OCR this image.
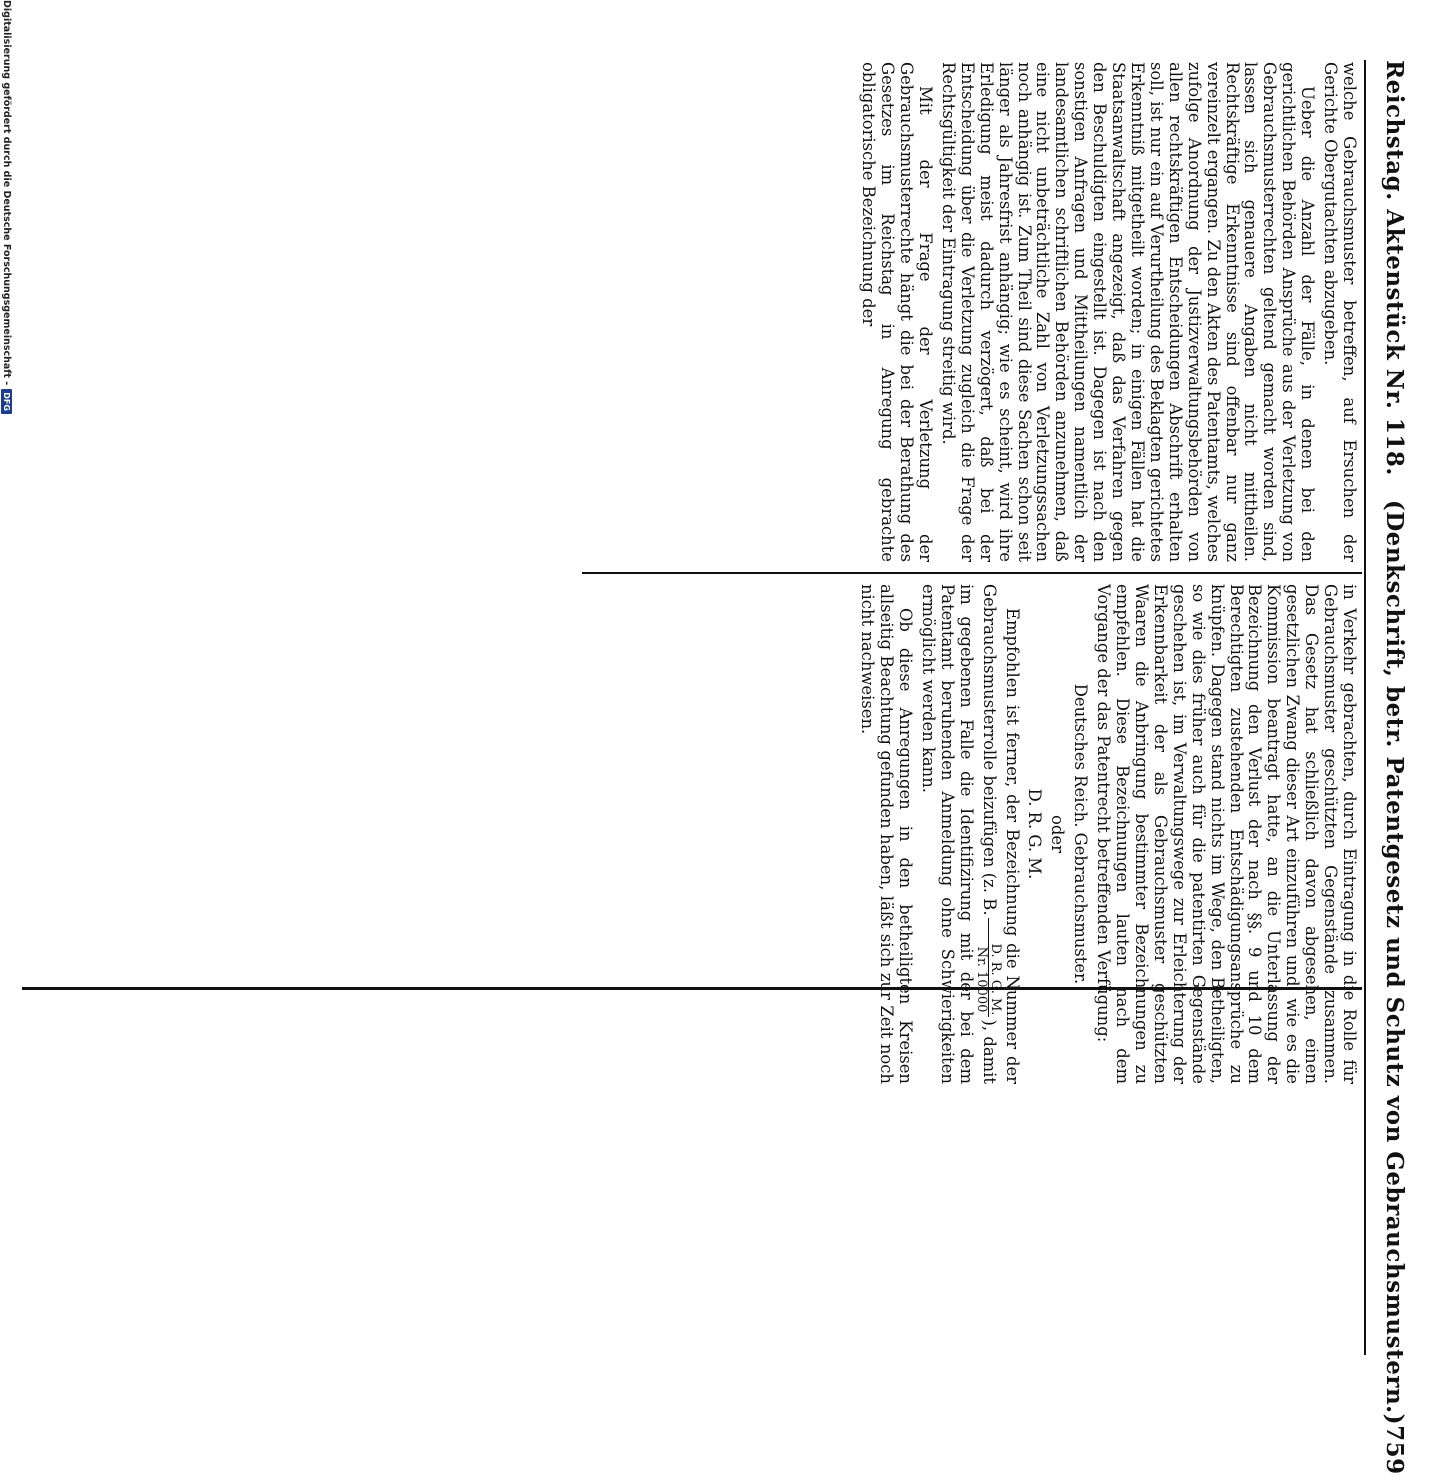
Reichstag. Aktenstück Nr. 118.
(Denkschrift, betr. Patentgesetz und Schutz von Gebrauchsmustern.)
759

welche Gebrauchsmuster betreffen, auf Ersuchen der Gerichte Obergutachten abzugeben.

Ueber die Anzahl der Fälle, in denen bei den gerichtlichen Behörden Ansprüche aus der Verletzung von Gebrauchsmusterrechten geltend gemacht worden sind, lassen sich genauere Angaben nicht mittheilen. Rechtskräftige Erkenntnisse sind offenbar nur ganz vereinzelt ergangen. Zu den Akten des Patentamts, welches zufolge Anordnung der Justizverwaltungsbehörden von allen rechtskräftigen Entscheidungen Abschrift erhalten soll, ist nur ein auf Verurtheilung des Beklagten gerichtetes Erkenntniß mitgetheilt worden; in einigen Fällen hat die Staatsanwaltschaft angezeigt, daß das Verfahren gegen den Beschuldigten eingestellt ist. Dagegen ist nach den sonstigen Anfragen und Mittheilungen namentlich der landesamtlichen schriftlichen Behörden anzunehmen, daß eine nicht unbeträchtliche Zahl von Verletzungssachen noch anhängig ist. Zum Theil sind diese Sachen schon seit länger als Jahresfrist anhängig; wie es scheint, wird ihre Erledigung meist dadurch verzögert, daß bei der Entscheidung über die Verletzung zugleich die Frage der Rechtsgültigkeit der Eintragung streitig wird.

Mit der Frage der Verletzung der Gebrauchsmusterrechte hängt die bei der Berathung des Gesetzes im Reichstag in Anregung gebrachte obligatorische Bezeichnung der

in Verkehr gebrachten, durch Eintragung in die Rolle für Gebrauchsmuster geschützten Gegenstände zusammen. Das Gesetz hat schließlich davon abgesehen, einen gesetzlichen Zwang dieser Art einzuführen und, wie es die Kommission beantragt hatte, an die Unterlassung der Bezeichnung den Verlust der nach §§. 9 und 10 dem Berechtigten zustehenden Entschädigungsansprüche zu knüpfen. Dagegen stand nichts im Wege, den Betheiligten, so wie dies früher auch für die patentirten Gegenstände geschehen ist, im Verwaltungswege zur Erleichterung der Erkennbarkeit der als Gebrauchsmuster geschützten Waaren die Anbringung bestimmter Bezeichnungen zu empfehlen. Diese Bezeichnungen lauten nach dem Vorgange der das Patentrecht betreffenden Verfügung:

Deutsches Reich. Gebrauchsmuster.

oder

D. R. G. M.

Empfohlen ist ferner, der Bezeichnung die Nummer der Gebrauchsmusterrolle beizufügen (z. B.
D. R. G. M.
Nr. 10000
), damit im gegebenen Falle die Identifizirung mit der bei dem Patentamt beruhenden Anmeldung ohne Schwierigkeiten ermöglicht werden kann.

Ob diese Anregungen in den betheiligten Kreisen allseitig Beachtung gefunden haben, läßt sich zur Zeit noch nicht nachweisen.

Digitalisierung gefördert durch die Deutsche Forschungsgemeinschaft -
DFG
